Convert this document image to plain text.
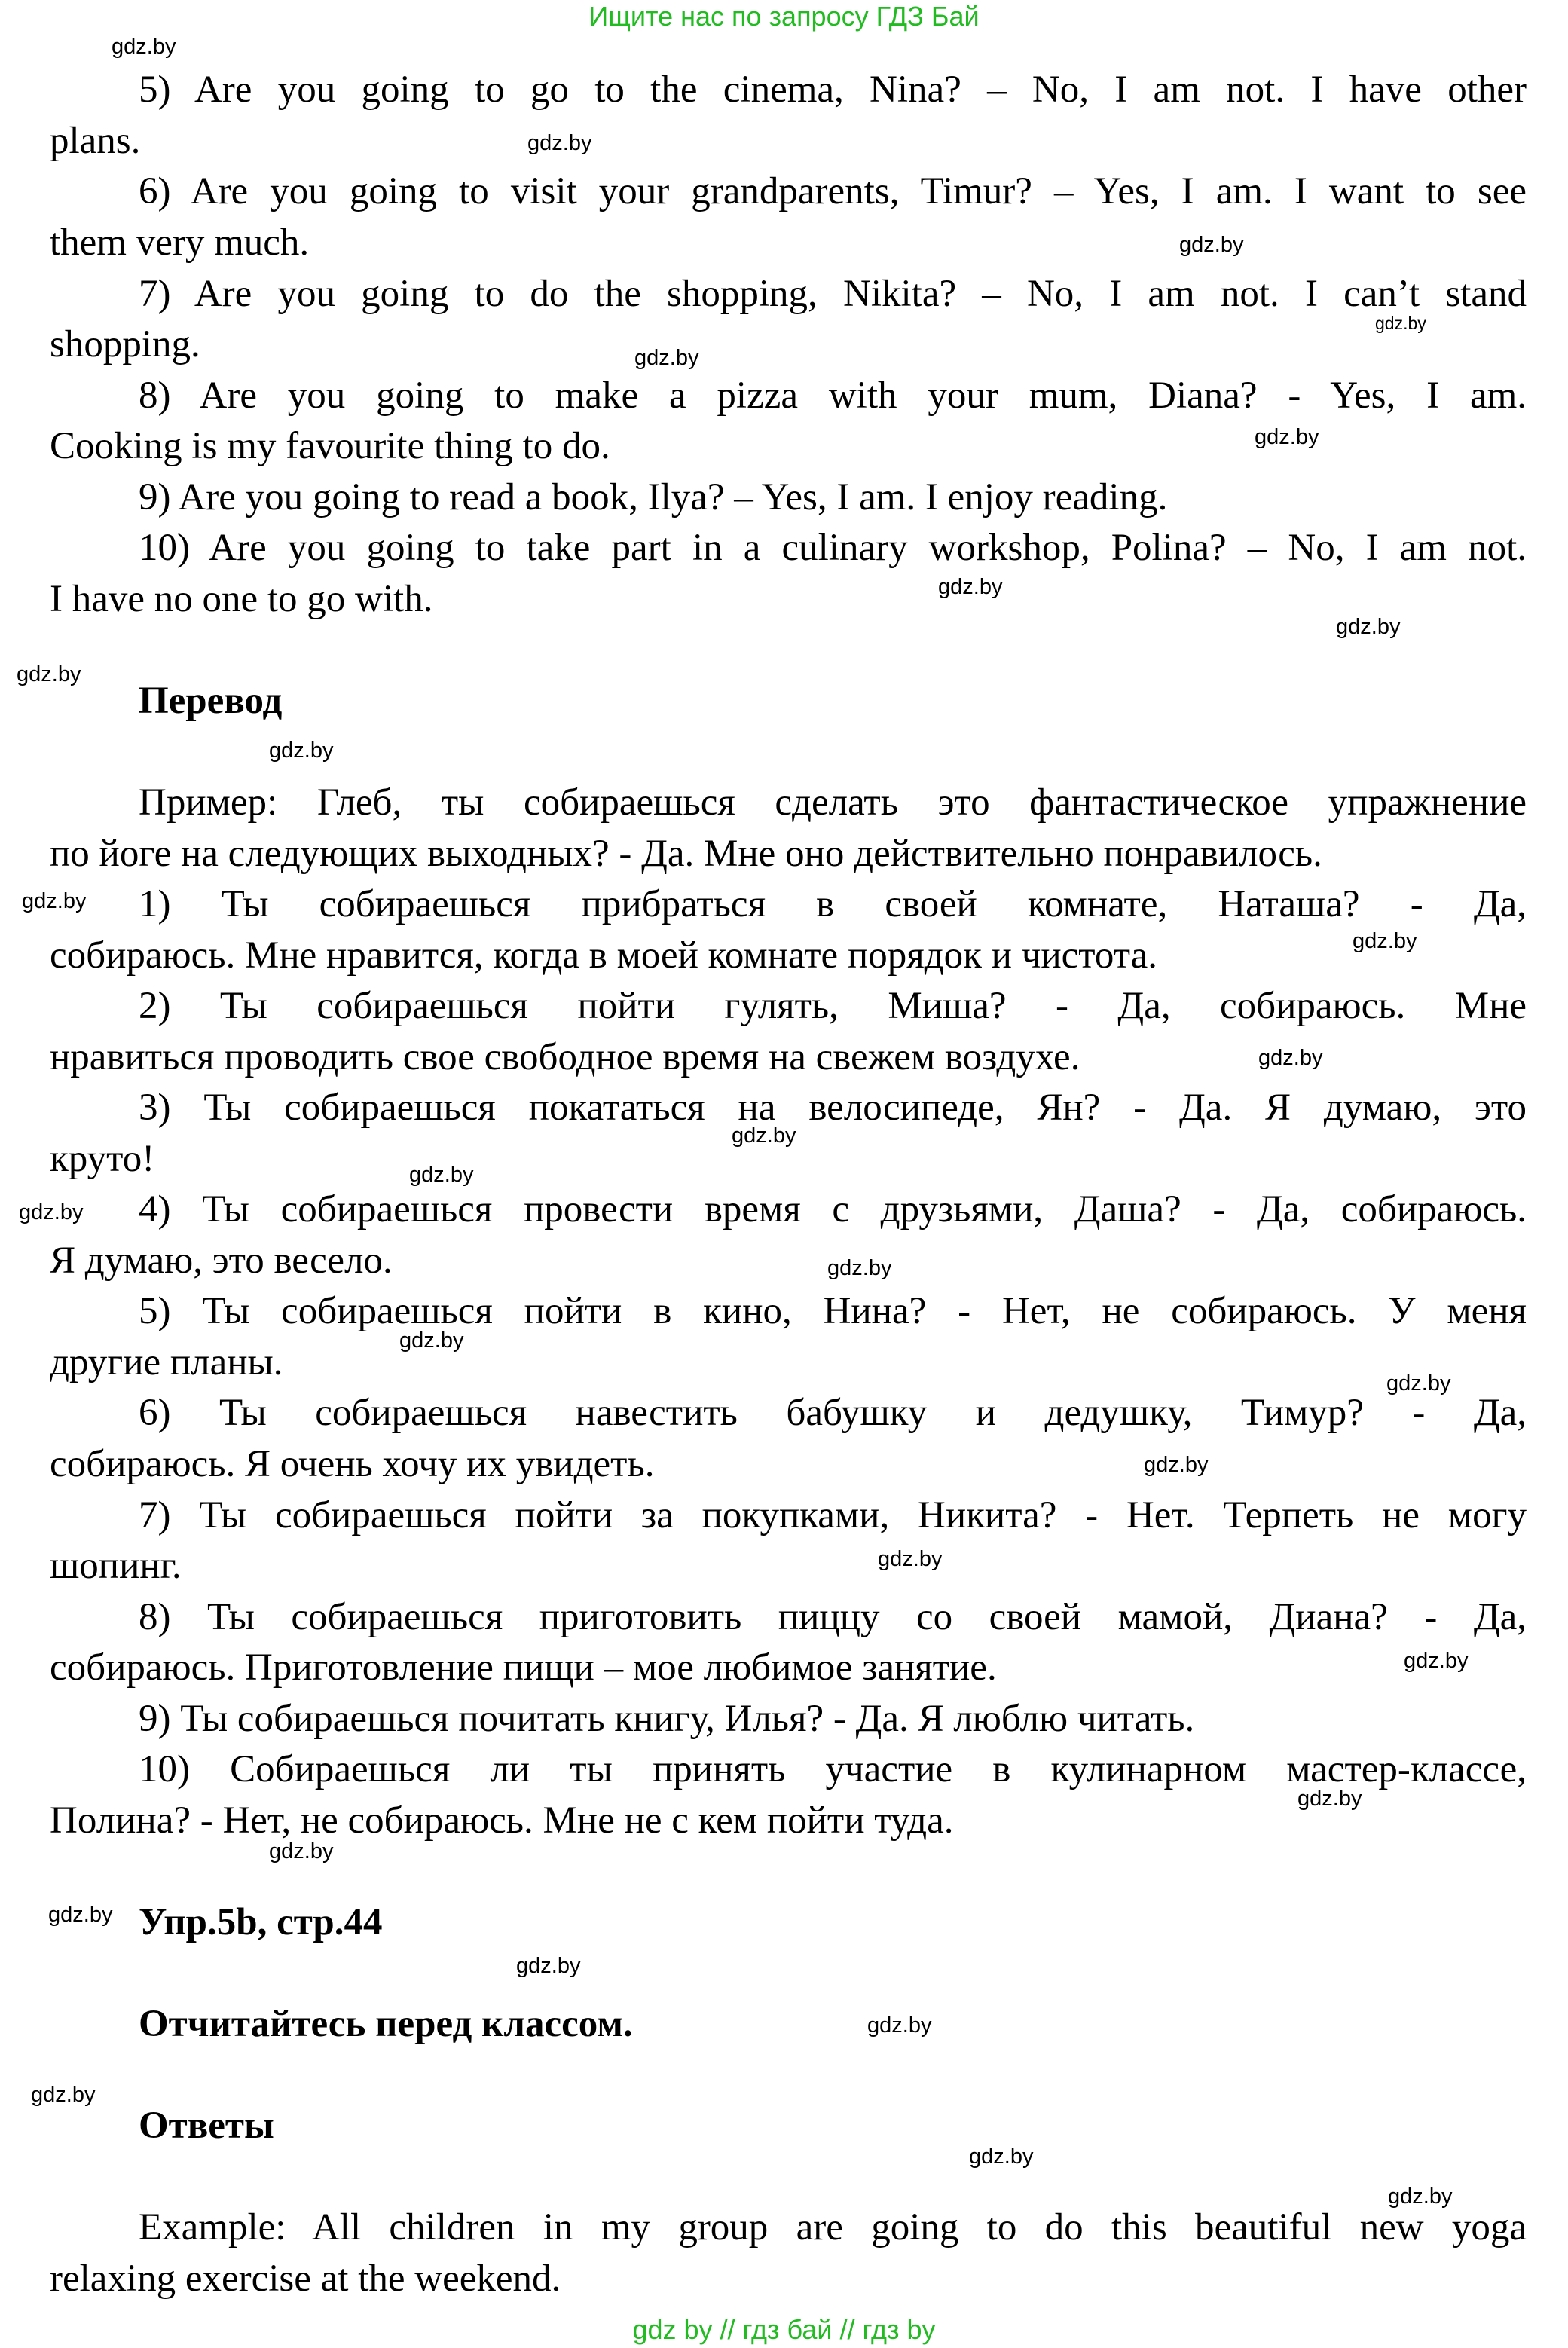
Ищите нас по запросу ГДЗ Бай
5) Are you going to go to the cinema, Nina? – No, I am not. I have other
plans.
6) Are you going to visit your grandparents, Timur? – Yes, I am. I want to see
them very much.
7) Are you going to do the shopping, Nikita? – No, I am not. I can’t stand
shopping.
8) Are you going to make a pizza with your mum, Diana? - Yes, I am.
Cooking is my favourite thing to do.
9) Are you going to read a book, Ilya? – Yes, I am. I enjoy reading.
10) Are you going to take part in a culinary workshop, Polina? – No, I am not.
I have no one to go with.
Перевод
Пример: Глеб, ты собираешься сделать это фантастическое упражнение
по йоге на следующих выходных? - Да. Мне оно действительно понравилось.
1) Ты собираешься прибраться в своей комнате, Наташа? - Да,
собираюсь. Мне нравится, когда в моей комнате порядок и чистота.
2) Ты собираешься пойти гулять, Миша? - Да, собираюсь. Мне
нравиться проводить свое свободное время на свежем воздухе.
3) Ты собираешься покататься на велосипеде, Ян? - Да. Я думаю, это
круто!
4) Ты собираешься провести время с друзьями, Даша? - Да, собираюсь.
Я думаю, это весело.
5) Ты собираешься пойти в кино, Нина? - Нет, не собираюсь. У меня
другие планы.
6) Ты собираешься навестить бабушку и дедушку, Тимур? - Да,
собираюсь. Я очень хочу их увидеть.
7) Ты собираешься пойти за покупками, Никита? - Нет. Терпеть не могу
шопинг.
8) Ты собираешься приготовить пиццу со своей мамой, Диана? - Да,
собираюсь. Приготовление пищи – мое любимое занятие.
9) Ты собираешься почитать книгу, Илья? - Да. Я люблю читать.
10) Собираешься ли ты принять участие в кулинарном мастер-классе,
Полина? - Нет, не собираюсь. Мне не с кем пойти туда.
Упр.5b, стр.44
Отчитайтесь перед классом.
Ответы
Example: All children in my group are going to do this beautiful new yoga
relaxing exercise at the weekend.
gdz.by
gdz.by
gdz.by
gdz.by
gdz.by
gdz.by
gdz.by
gdz.by
gdz.by
gdz.by
gdz.by
gdz.by
gdz.by
gdz.by
gdz.by
gdz.by
gdz.by
gdz.by
gdz.by
gdz.by
gdz.by
gdz.by
gdz.by
gdz.by
gdz.by
gdz.by
gdz.by
gdz.by
gdz.by
gdz.by
gdz by // гдз бай // гдз by
